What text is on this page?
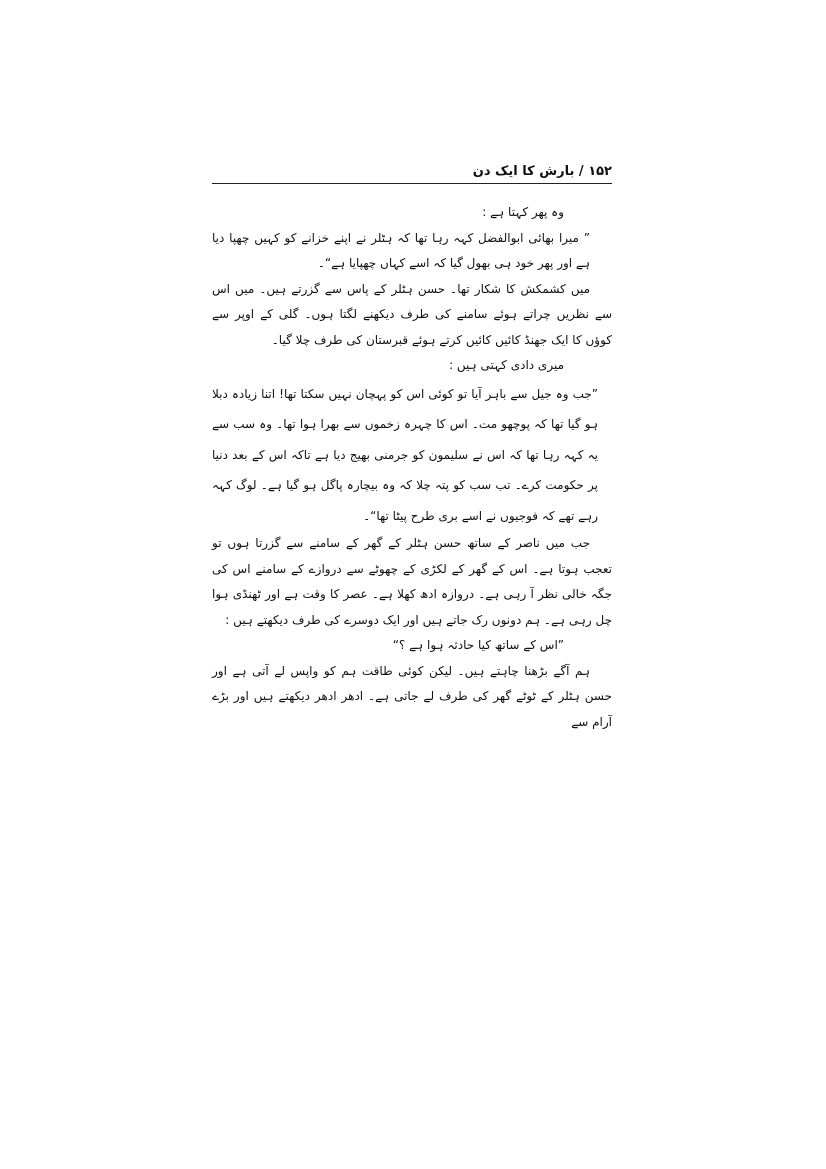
۱۵۲ / بارش کا ایک دن

وہ پھر کہتا ہے :

” میرا بھائی ابوالفضل کہہ رہا تھا کہ ہٹلر نے اپنے خزانے کو کہیں چھپا دیا ہے اور پھر خود ہی بھول گیا کہ اسے کہاں چھپایا ہے“۔

میں کشمکش کا شکار تھا۔ حسن ہٹلر کے پاس سے گزرتے ہیں۔ میں اس سے نظریں چراتے ہوئے سامنے کی طرف دیکھنے لگتا ہوں۔ گلی کے اوپر سے کوؤں کا ایک جھنڈ کائیں کائیں کرتے ہوئے قبرستان کی طرف چلا گیا۔

میری دادی کہتی ہیں :

”جب وہ جیل سے باہر آیا تو کوئی اس کو پہچان نہیں سکتا تھا! اتنا زیادہ دبلا ہو گیا تھا کہ پوچھو مت۔ اس کا چہرہ زخموں سے بھرا ہوا تھا۔ وہ سب سے یہ کہہ رہا تھا کہ اس نے سلیمون کو جرمنی بھیج دیا ہے تاکہ اس کے بعد دنیا پر حکومت کرے۔ تب سب کو پتہ چلا کہ وہ بیچارہ پاگل ہو گیا ہے۔ لوگ کہہ رہے تھے کہ فوجیوں نے اسے بری طرح پیٹا تھا“۔

جب میں ناصر کے ساتھ حسن ہٹلر کے گھر کے سامنے سے گزرتا ہوں تو تعجب ہوتا ہے۔ اس کے گھر کے لکڑی کے چھوٹے سے دروازے کے سامنے اس کی جگہ خالی نظر آ رہی ہے۔ دروازہ ادھ کھلا ہے۔ عصر کا وقت ہے اور ٹھنڈی ہوا چل رہی ہے۔ ہم دونوں رک جاتے ہیں اور ایک دوسرے کی طرف دیکھتے ہیں :

”اس کے ساتھ کیا حادثہ ہوا ہے ؟“

ہم آگے بڑھنا چاہتے ہیں۔ لیکن کوئی طاقت ہم کو واپس لے آتی ہے اور حسن ہٹلر کے ٹوٹے گھر کی طرف لے جاتی ہے۔ ادھر ادھر دیکھتے ہیں اور بڑے آرام سے
